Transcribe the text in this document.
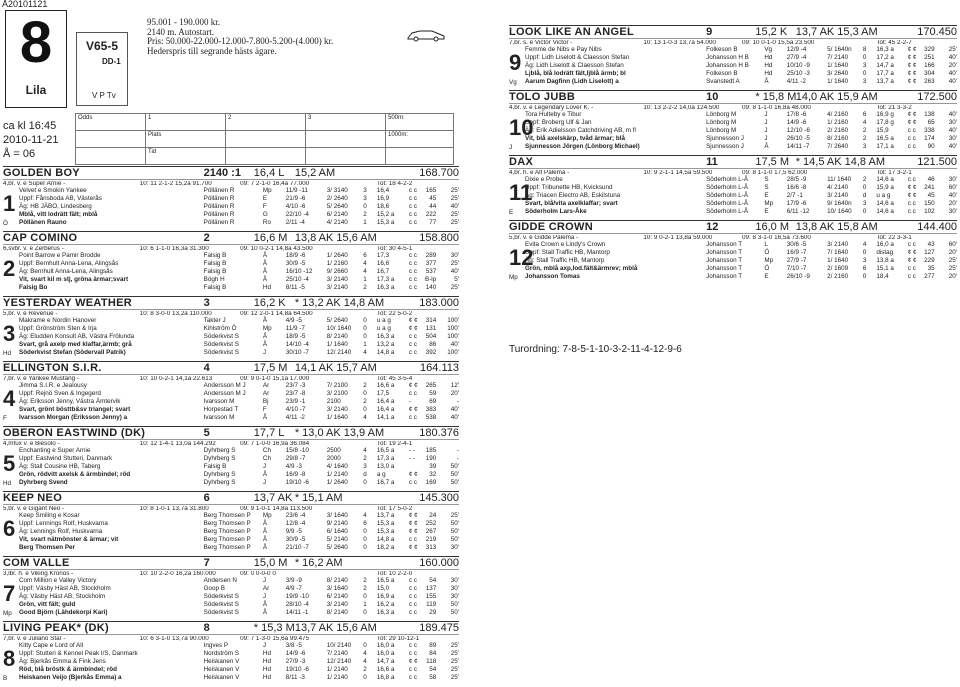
Å20101121
8
Lila
V65-5
DD-1
V P Tv
ca kl 16:45
2010-11-21
Å = 06
95.001 - 190.000 kr.
2140 m. Autostart.
Pris: 50.000-22.000-12.000-7.800-5.200-(4.000) kr.
Hederspris till segrande hästs ägare.
Odds	1	2	3	500m:
	Plats			1000m:
	Tid			
GOLDEN BOY	2140 :1 16,4 L 15,2 AM	168.700
4,br. v. e Super Arnie -	10: 11 2-1-2 15,2a 91.700	09: 7 2-1-0 16,4a 77.000	Tot: 18 4-2-2
1
Ö
Velvet e Smokin Yankee	Pöllänen R	Mp 11/9 -11	3/ 3140 3 16,4	c c 165 25'
Uppf: Fånsboda AB, Västerås	Pöllänen R	E	21/9 -6	2/ 2640 3 16,9	c c 45 25'
Äg: HB JÄBO, Lindesberg	Pöllänen R	F	4/10 -6	5/ 2640 0 18,6	c c 44 40'
Mblå, vitt lodrätt fält; mblå	Pöllänen R	G	22/10 -4	6/ 2140 2 15,2 a c c 222 25'
Pöllänen Rauno	Pöllänen R	Ro 2/11 -4	4/ 2140 1 15,3 a c c 77 25'
CAP COMINO	2	16,6 M 13,8 AK 15,6 AM	158.800
6,svbr. v. e Zerberus -	10: 6 1-1-0 16,3a 31.300	09: 10 0-2-1 14,8a 43.500	Tot: 30 4-5-1
2
Point Barrow e Pamir Brodde	Falsig B	Å	18/9 -6	1/ 2640 6 17,3	c c 289 30'
Uppf: Bernhult Anna-Lena, Alingsås	Falsig B	Å	30/9 -5	1/ 2160 4 16,6	c c 377 25'
Äg: Bernhult Anna-Lena, Alingsås	Falsig B	Å	16/10 -12 9/ 2660 4 16,7	c c 537 40'
Vit, svart kil m stj, gröna ärmar;svart	Bögh H	Å	25/10 -4	3/ 2140 1 17,3 a c c B-lp	5'
Falsig Bo	Falsig B	Hd 8/11 -5	3/ 2140 2 16,3 a c c 140 25'
YESTERDAY WEATHER	3	16,2 K * 13,2 AK 14,8 AM	183.000
5,br. v. e Revenue -	10: 8 3-0-0 13,2a 110.000	09: 12 2-0-1 14,8a 64.500	Tot: 22 5-0-2
3
Hd
Makrame e Nordin Hanover	Takter J	Å	4/9 -5	5/ 2640 0 u a g	¢ ¢ 314 100'
Uppf: Grönström Sten & Irja	Kihlström Ö	Mp 11/9 -7	10/ 1640 0 u a g	¢ ¢ 131 100'
Äg: Eludden Konsult AB, Västra Frölunda	Söderkvist S	Å	18/9 -5	8/ 2140 0 16,3 a c c 504 100'
Svart, grå axelp med klaffar,ärmb; grå	Söderkvist S	Å	14/10 -4	1/ 1640 1 13,2 a c c 86 40'
Söderkvist Stefan (Södervall Patrik)	Söderkvist S	J	30/10 -7	12/ 2140 4 14,8 a c c 392 100'
ELLINGTON S.I.R.	4	17,5 M 14,1 AK 15,7 AM	164.113
7,br. v. e Yankee Mustang -	10: 10 0-2-1 14,1a 22.613	09: 9 0-1-0 15,1a 17.000	Tot: 45 3-5-4
4
F
Jimma S.I.R. e Jealousy	Andersson M J	Ar	23/7 -3	7/ 2100 2 16,6 a ¢ ¢ 265 12'
Uppf: Rejnö Sven & Ingegerd	Andersson M J	Ar	23/7 -8	3/ 2100 0 17,5	c c 59 20'
Äg: Eriksson Jenny, Västra Ämtervik	Ivarsson M	Bj	23/9 -1	2100	2 16,4 a -	69	-
Svart, grönt bösttb&sv triangel; svart	Horpestad T	F	4/10 -7	3/ 2140 0 16,4 a ¢ ¢ 383 40'
Ivarsson Morgan (Eriksson Jenny) a	Ivarsson M	Å	4/11 -2	1/ 1640 4 14,1 a c c 538 40'
OBERON EASTWIND (DK)	5	17,7 L * 13,0 AK 13,9 AM	180.376
4,mfux v. e Biesolo -	10: 12 1-4-1 13,0a 144.292	09: 7 1-0-0 16,9a 36.084	Tot: 19 2-4-1
5
Hd
Enchanting e Super Arnie	Dyhrberg S	Ch 15/8 -10	2500	4 16,5 a - - 185	-
Uppf: Eastwind Stutteri, Danmark	Dyhrberg S	Ch 29/8 -7	2000	2 17,3 a - - 190	-
Äg: Stall Cousine HB, Taberg	Falsig B	J	4/9 -3	4/ 1640 3 13,0 a	39 50'
Grön, rödvitt axelsk & ärmbindel; röd	Dyhrberg S	Å	16/9 -8	1/ 2140 d a g	¢ ¢ 32 50'
Dyhrberg Svend	Dyhrberg S	J	19/10 -6	1/ 2640 0 16,7 a c c 169 50'
KEEP NEO	6	13,7 AK * 15,1 AM	145.300
5,br. v. e Gigant Neo -	10: 8 1-0-1 13,7a 31.800	09: 9 1-0-1 14,8a 113.500	Tot: 17 5-0-2
6
Keep Smiling e Kosar	Berg Thomsen P Mp 23/6 -4	3/ 1640 4 13,7 a ¢ ¢ 24 25'
Uppf: Lennings Rolf, Huskvarna	Berg Thomsen P Å	12/8 -4	9/ 2140 6 15,3 a ¢ ¢ 252 50'
Äg: Lennings Rolf, Huskvarna	Berg Thomsen P Å	9/9 -5	6/ 1640 0 15,3 a ¢ ¢ 267 50'
Vit, svart nätmönster & ärmar; vit	Berg Thomsen P Å	30/9 -5	5/ 2140 0 14,8 a c c 219 50'
Berg Thomsen Per	Berg Thomsen P Å	21/10 -7	5/ 2640 0 18,2 a ¢ ¢ 313 30'
COM VALLE	7	15,0 M * 16,2 AM	160.000
3,lbr. h. e Viking Kronos -	10: 10 2-2-0 16,2a 160.000	09: 0 0-0-0 0	Tot: 10 2-2-0
7
Mp
Com Million e Valley Victory	Andersen N	J	3/9 -9	8/ 2140 2 16,5 a c c 54 30'
Uppf: Väsby Häst AB, Stockholm	Goop B	Ar	4/9 -7	3/ 1640 2 15,0	c c 137 30'
Äg: Väsby Häst AB, Stockholm	Söderkvist S	J	19/9 -10	6/ 2140 0 16,9 a c c 155 30'
Grön, vitt fält; guld	Söderkvist S	Å	28/10 -4	3/ 2140 1 16,2 a c c 119 50'
Good Björn (Lähdekorpi Kari)	Söderkvist S	Å	14/11 -1	8/ 2140 0 16,3 a c c 29 50'
LIVING PEAK* (DK)	8	* 15,3 M 13,7 AK 15,6 AM	189.475
7,br. v. e Juliano Star -	10: 6 3-1-0 13,7a 90.000	09: 7 1-3-0 15,6a 99.475	Tot: 29 10-12-1
8
B
Kitty Cape e Lord of All	Ingves P	J	3/8 -5	10/ 2140 0 16,0 a c c 89 25'
Uppf: Stutteri & Kennel Peak I/S, Danmark	Nordström S	Hd 14/9 -6	7/ 2140 4 16,0 a c c 84 25'
Äg: Bjerkås Emma & Fink Jens	Heiskanen V	Hd 27/9 -3	12/ 2140 4 14,7 a ¢ ¢ 118 25'
Röd, blå bröstk & ärmbindel; röd	Heiskanen V	Hd 19/10 -6	1/ 2140 2 16,6 a c c 54 25'
Heiskanen Veijo (Bjerkås Emma) a	Heiskanen V	Hd 8/11 -3	1/ 2140 0 16,8 a c c 58 25'
LOOK LIKE AN ANGEL	9	15,2 K 13,7 AK 15,3 AM	170.450
7,br. s. e Victor Victor -	10: 13 1-0-3 13,7a 54.000	09: 10 0-1-0 15,5a 23.500	Tot: 45 2-2-7
9
Vg
Femme de Nibs e Pay Nibs	Folkeson B	Vg 12/9 -4	5/ 1640n 8 16,3 a ¢ ¢ 329 25'
Uppf: Lidh Liselott & Claesson Stefan	Johansson H B Hd 27/9 -4	7/ 2140 0 17,2 a ¢ ¢ 251 40'
Äg: Lidh Liselott & Claesson Stefan	Johansson H B Hd 10/10 -9	1/ 1640 3 14,7 a ¢ ¢ 166 20'
Ljblå, blå lodrätt fält,ljblå ärmb; bl	Folkeson B	Hd 25/10 -3	3/ 2640 0 17,7 a ¢ ¢ 304 40'
Aarum Dagfinn (Lidh Liselott) a	Svanstedt A	Å	4/11 -2	1/ 1640 3 13,7 a ¢ ¢ 263 40'
TOLO JUBB	10	* 15,8 M 14,0 AK 15,9 AM	172.500
4,br. v. e Legendary Lover K. -	10: 13 2-2-2 14,0a 124.500	09: 8 1-1-0 16,8a 48.000	Tot: 21 3-3-2
10
J
Tora Hulteby e Tibur	Lönborg M	J	17/8 -6	4/ 2160 6 16,9 g ¢ ¢ 138 40'
Uppf: Broberg Ulf & Jan	Lönborg M	J	14/9 -6	1/ 2160 4 17,8 g ¢ ¢ 65 30'
Äg: Erik Adielsson Catchdriving AB, m fl	Lönborg M	J	12/10 -6	2/ 2160 2 15,9	c c 338 40'
Vit, blå axelskärp, tvåd ärmar; blå	Sjunnesson J	J	26/10 -5	8/ 2160 2 16,5 a c c 174 30'
Sjunnesson Jörgen (Lönborg Michael)	Sjunnesson J	Å	14/11 -7	7/ 2640 3 17,1 a c c 90 40'
DAX	11	17,5 M * 14,5 AK 14,8 AM	121.500
4,br. h. e Alf Palema -	10: 9 2-1-1 14,5a 59.500	09: 8 1-1-0 17,5 62.000	Tot: 17 3-2-1
11
E
Dixie e Probe	Söderholm L-Å	S	28/5 -9	11/ 1640 2 14,6 a c c 46 30'
Uppf: Tribunette HB, Kvicksund	Söderholm L-Å	S	16/6 -8	4/ 2140 0 15,9 a ¢ ¢ 241 60'
Äg: Triacen Electro AB, Eskilstuna	Söderholm L-Å	E	2/7 -1	3/ 2140 d u a g	¢ ¢ 45 40'
Svart, blå/vita axelklaffar; svart	Söderholm L-Å	Mp 17/9 -6	9/ 1640n 3 14,6 a c c 150 20'
Söderholm Lars-Åke	Söderholm L-Å	E	6/11 -12	10/ 1640 0 14,6 a c c 102 30'
GIDDE CROWN	12	16,0 M 13,8 AK 15,8 AM	144.400
5,br. v. e Gidde Palema -	10: 9 0-2-1 13,8a 59.000	09: 8 3-1-0 16,5a 73.600	Tot: 22 3-3-1
12
Mp
Evita Crown e Lindy's Crown	Johansson T	L	30/6 -5	3/ 2140 4 16,0 a c c 43 60'
Uppf: Stall Traffic HB, Mantorp	Johansson T	Ö	16/9 -7	7/ 1640 0 distag ¢ ¢ 127 20'
Äg: Stall Traffic HB, Mantorp	Johansson T	Mp 27/9 -7	1/ 1640 3 13,8 a ¢ ¢ 229 25'
Grön, mblå axp,lod.fält&ärmrev; mblå	Johansson T	Ö	7/10 -7	2/ 1609 6 15,1 a c c 35 25'
Johansson Tomas	Johansson T	E	26/10 -9	2/ 2160 0 18,4	c c 277 20'
Turordning: 7-8-5-1-10-3-2-11-4-12-9-6
